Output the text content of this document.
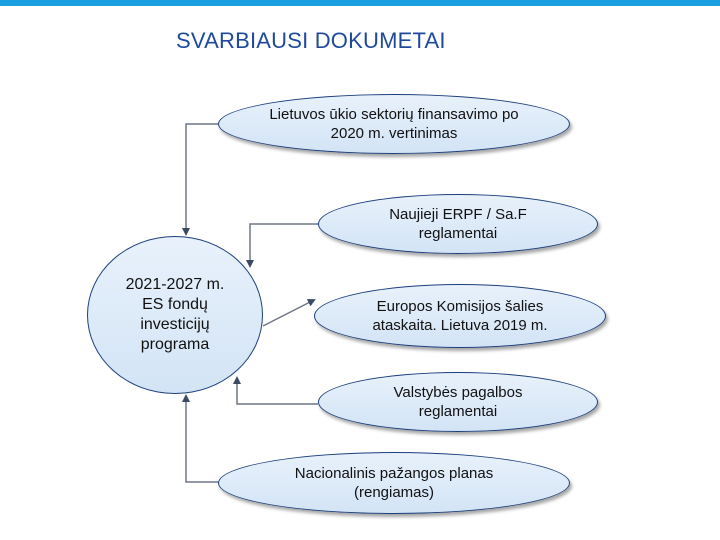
SVARBIAUSI DOKUMETAI
2021-2027 m.
ES fondų
investicijų
programa
Lietuvos ūkio sektorių finansavimo po
2020 m. vertinimas
Naujieji ERPF / Sa.F
reglamentai
Europos Komisijos šalies
ataskaita. Lietuva 2019 m.
Valstybės pagalbos
reglamentai
Nacionalinis pažangos planas
(rengiamas)
